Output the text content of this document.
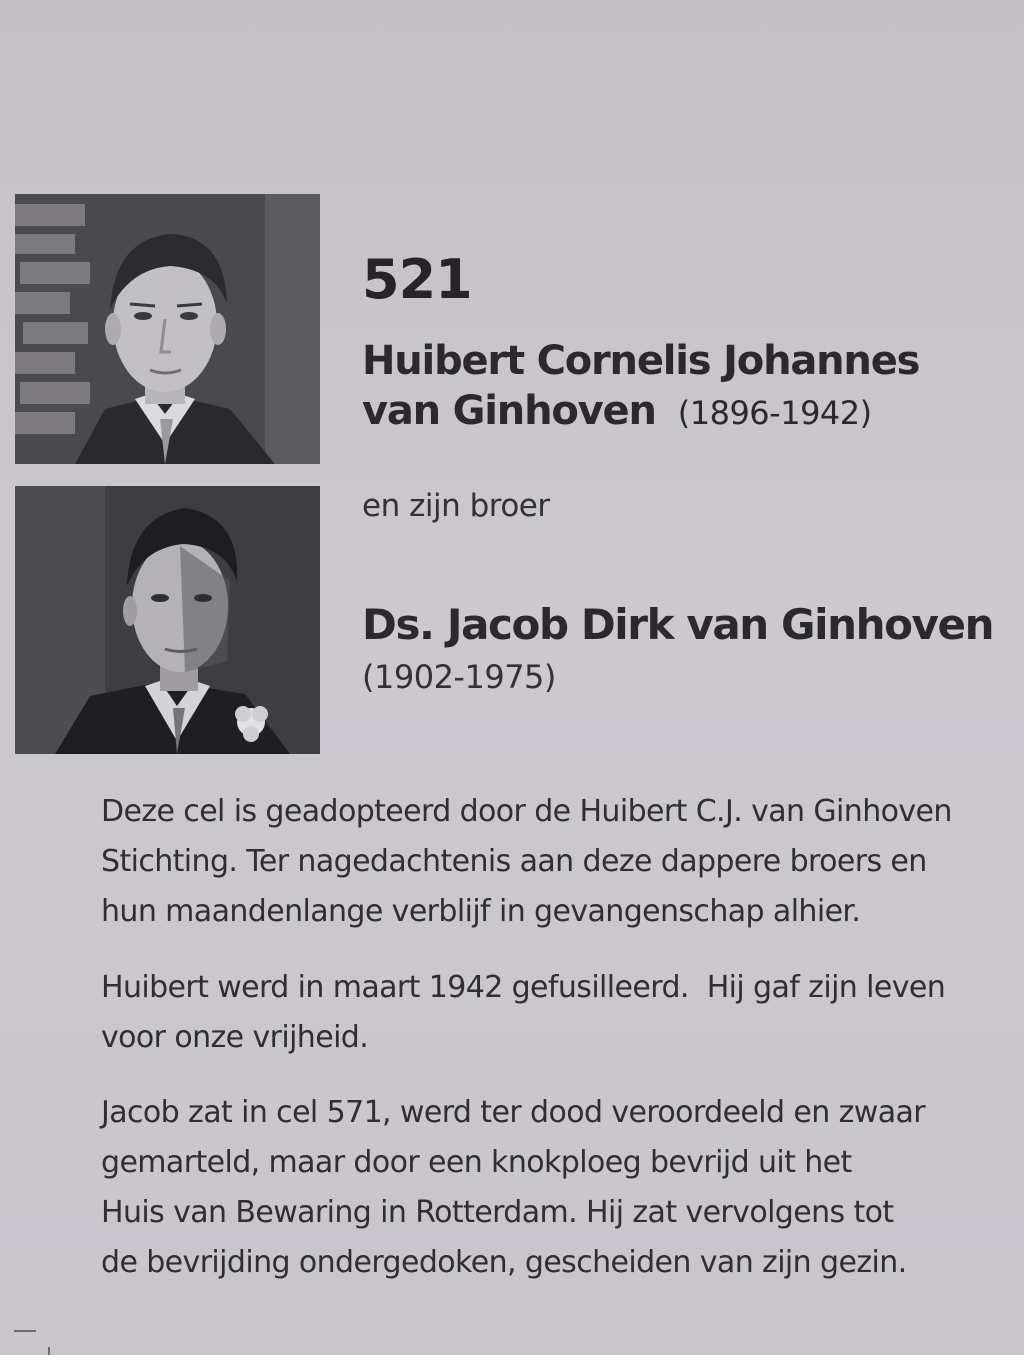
521
Huibert Cornelis Johannes
van Ginhoven (1896-1942)
en zijn broer
Ds. Jacob Dirk van Ginhoven
(1902-1975)
Deze cel is geadopteerd door de Huibert C.J. van Ginhoven
Stichting. Ter nagedachtenis aan deze dappere broers en
hun maandenlange verblijf in gevangenschap alhier.
Huibert werd in maart 1942 gefusilleerd.  Hij gaf zijn leven
voor onze vrijheid.
Jacob zat in cel 571, werd ter dood veroordeeld en zwaar
gemarteld, maar door een knokploeg bevrijd uit het
Huis van Bewaring in Rotterdam. Hij zat vervolgens tot
de bevrijding ondergedoken, gescheiden van zijn gezin.
